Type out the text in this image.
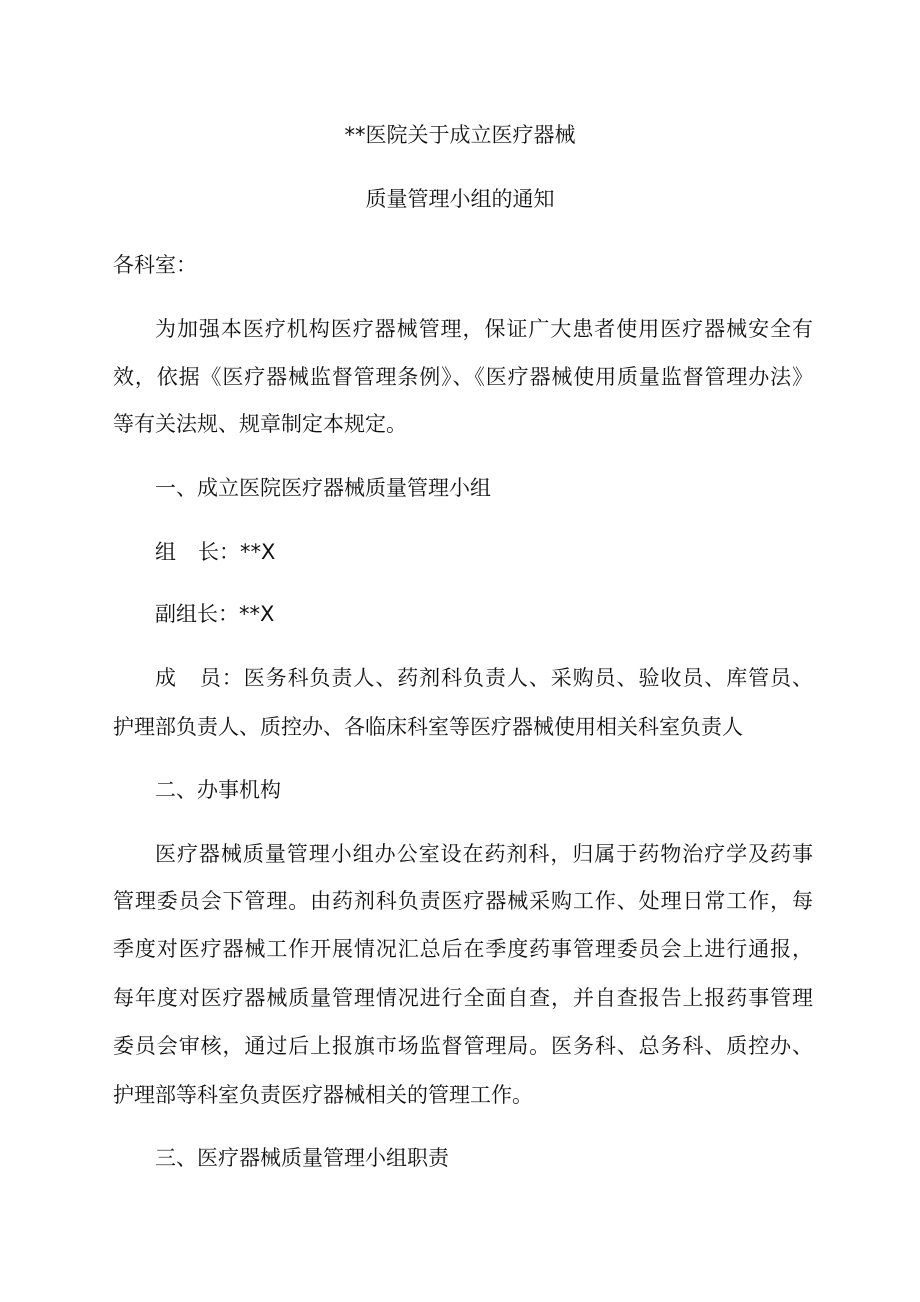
**医院关于成立医疗器械
质量管理小组的通知
各科室：
为加强本医疗机构医疗器械管理，保证广大患者使用医疗器械安全有
效，依据《医疗器械监督管理条例》、《医疗器械使用质量监督管理办法》
等有关法规、规章制定本规定。
一、成立医院医疗器械质量管理小组
组 长：**X
副组长：**X
成 员：医务科负责人、药剂科负责人、采购员、验收员、库管员、
护理部负责人、质控办、各临床科室等医疗器械使用相关科室负责人
二、办事机构
医疗器械质量管理小组办公室设在药剂科，归属于药物治疗学及药事
管理委员会下管理。由药剂科负责医疗器械采购工作、处理日常工作，每
季度对医疗器械工作开展情况汇总后在季度药事管理委员会上进行通报，
每年度对医疗器械质量管理情况进行全面自查，并自查报告上报药事管理
委员会审核，通过后上报旗市场监督管理局。医务科、总务科、质控办、
护理部等科室负责医疗器械相关的管理工作。
三、医疗器械质量管理小组职责
